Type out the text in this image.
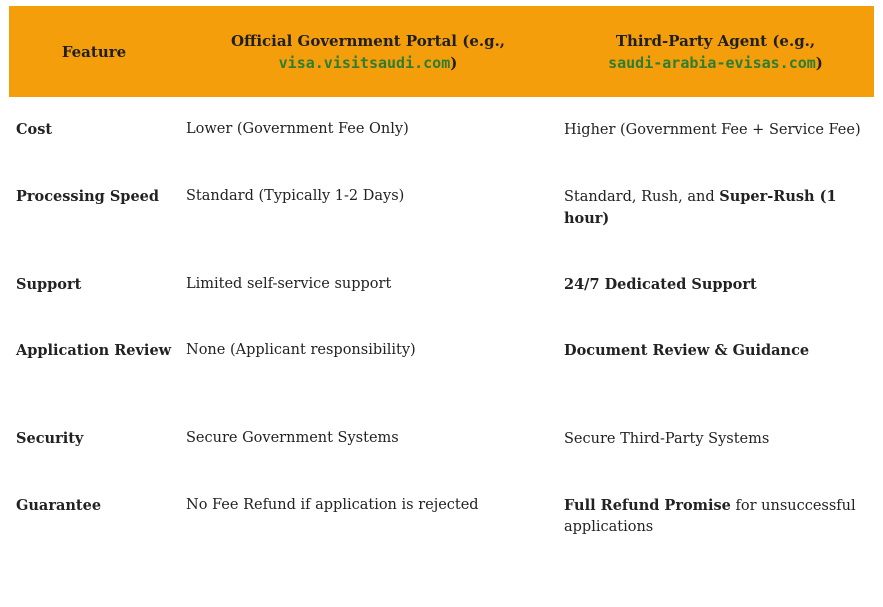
Feature	Official Government Portal (e.g., visa.visitsaudi.com)	Third-Party Agent (e.g.,
saudi-arabia-evisas.com)
Cost	Lower (Government Fee Only)	Higher (Government Fee + Service Fee)
Processing Speed	Standard (Typically 1-2 Days)	Standard, Rush, and Super-Rush (1 hour)
Support	Limited self-service support	24/7 Dedicated Support
Application Review	None (Applicant responsibility)	Document Review & Guidance
Security	Secure Government Systems	Secure Third-Party Systems
Guarantee	No Fee Refund if application is rejected	Full Refund Promise for unsuccessful applications
